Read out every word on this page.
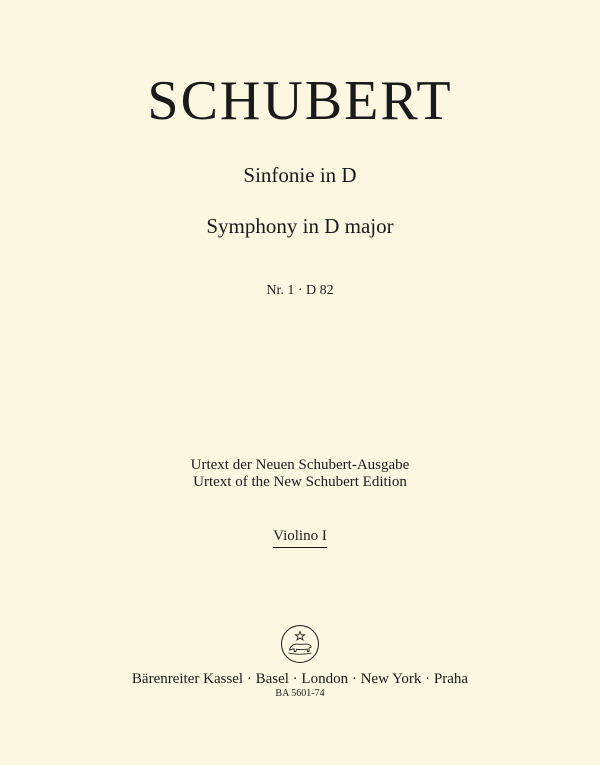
SCHUBERT
Sinfonie in D
Symphony in D major
Nr. 1 · D 82
Urtext der Neuen Schubert-Ausgabe
Urtext of the New Schubert Edition
Violino I
Bärenreiter Kassel · Basel · London · New York · Praha
BA 5601-74
